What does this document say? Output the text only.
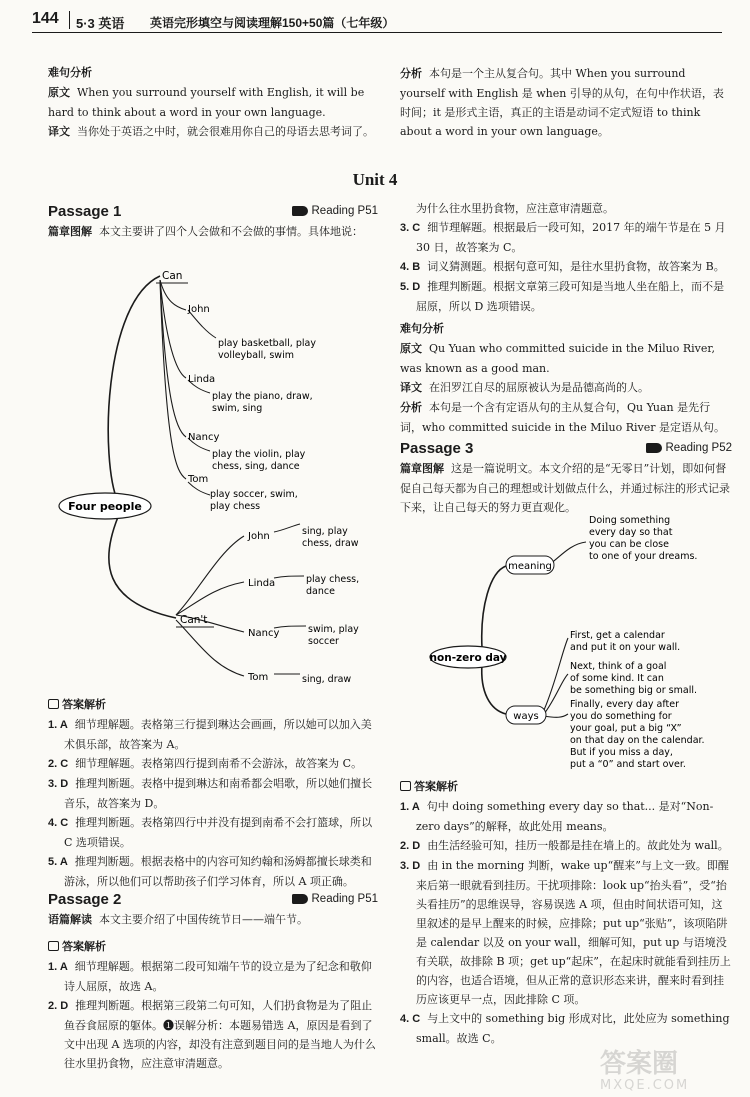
144 5·3 英语 英语完形填空与阅读理解150+50篇（七年级）

难句分析

原文 When you surround yourself with English, it will be hard to think about a word in your own language.

译文 当你处于英语之中时，就会很难用你自己的母语去思考词了。

分析 本句是一个主从复合句。其中 When you surround yourself with English 是 when 引导的从句，在句中作状语，表时间；it 是形式主语，真正的主语是动词不定式短语 to think about a word in your own language。

Unit 4
Passage 1	Reading P51

篇章图解 本文主要讲了四个人会做和不会做的事情。具体地说：

Four people
Can
Can't
John
play basketball, play
volleyball, swim
Linda
play the piano, draw,
swim, sing
Nancy
play the violin, play
chess, sing, dance
Tom
play soccer, swim,
play chess
John	sing, play
chess, draw
Linda	play chess,
dance
Nancy	swim, play
soccer
Tom	sing, draw

答案解析

1. A 细节理解题。表格第三行提到琳达会画画，所以她可以加入美术俱乐部，故答案为 A。

2. C 细节理解题。表格第四行提到南希不会游泳，故答案为 C。

3. D 推理判断题。表格中提到琳达和南希都会唱歌，所以她们擅长音乐，故答案为 D。

4. C 推理判断题。表格第四行中并没有提到南希不会打篮球，所以 C 选项错误。

5. A 推理判断题。根据表格中的内容可知约翰和汤姆都擅长球类和游泳，所以他们可以帮助孩子们学习体育，所以 A 项正确。

Passage 2	Reading P51

语篇解读 本文主要介绍了中国传统节日——端午节。

答案解析

1. A 细节理解题。根据第二段可知端午节的设立是为了纪念和敬仰诗人屈原，故选 A。

2. D 推理判断题。根据第三段第二句可知，人们扔食物是为了阻止鱼吞食屈原的躯体。❶误解分析：本题易错选 A，原因是看到了文中出现 A 选项的内容，却没有注意到题目问的是当地人为什么往水里扔食物，应注意审清题意。

为什么往水里扔食物，应注意审清题意。

3. C 细节理解题。根据最后一段可知，2017 年的端午节是在 5 月 30 日，故答案为 C。

4. B 词义猜测题。根据句意可知，是往水里扔食物，故答案为 B。

5. D 推理判断题。根据文章第三段可知是当地人坐在船上，而不是屈原，所以 D 选项错误。

难句分析

原文 Qu Yuan who committed suicide in the Miluo River, was known as a good man.

译文 在汨罗江自尽的屈原被认为是品德高尚的人。

分析 本句是一个含有定语从句的主从复合句，Qu Yuan 是先行词，who committed suicide in the Miluo River 是定语从句。

Passage 3	Reading P52

篇章图解 这是一篇说明文。本文介绍的是“无零日”计划，即如何督促自己每天都为自己的理想或计划做点什么，并通过标注的形式记录下来，让自己每天的努力更直观化。

non-zero day
meaning
ways
Doing something
every day so that
you can be close
to one of your dreams.
First, get a calendar
and put it on your wall.
Next, think of a goal
of some kind. It can
be something big or small.
Finally, every day after
you do something for
your goal, put a big “X”
on that day on the calendar.
But if you miss a day,
put a “0” and start over.

答案解析

1. A 句中 doing something every day so that... 是对“Non-zero days”的解释，故此处用 means。

2. D 由生活经验可知，挂历一般都是挂在墙上的。故此处为 wall。

3. D 由 in the morning 判断，wake up“醒来”与上文一致。即醒来后第一眼就看到挂历。干扰项排除：look up“抬头看”，受“抬头看挂历”的思维误导，容易误选 A 项，但由时间状语可知，这里叙述的是早上醒来的时候，应排除；put up“张贴”，该项陷阱是 calendar 以及 on your wall，细解可知，put up 与语境没有关联，故排除 B 项；get up“起床”，在起床时就能看到挂历上的内容，也适合语境，但从正常的意识形态来讲，醒来时看到挂历应该更早一点，因此排除 C 项。

4. C 与上文中的 something big 形成对比，此处应为 something small。故选 C。

答案圈
MXQE.COM
